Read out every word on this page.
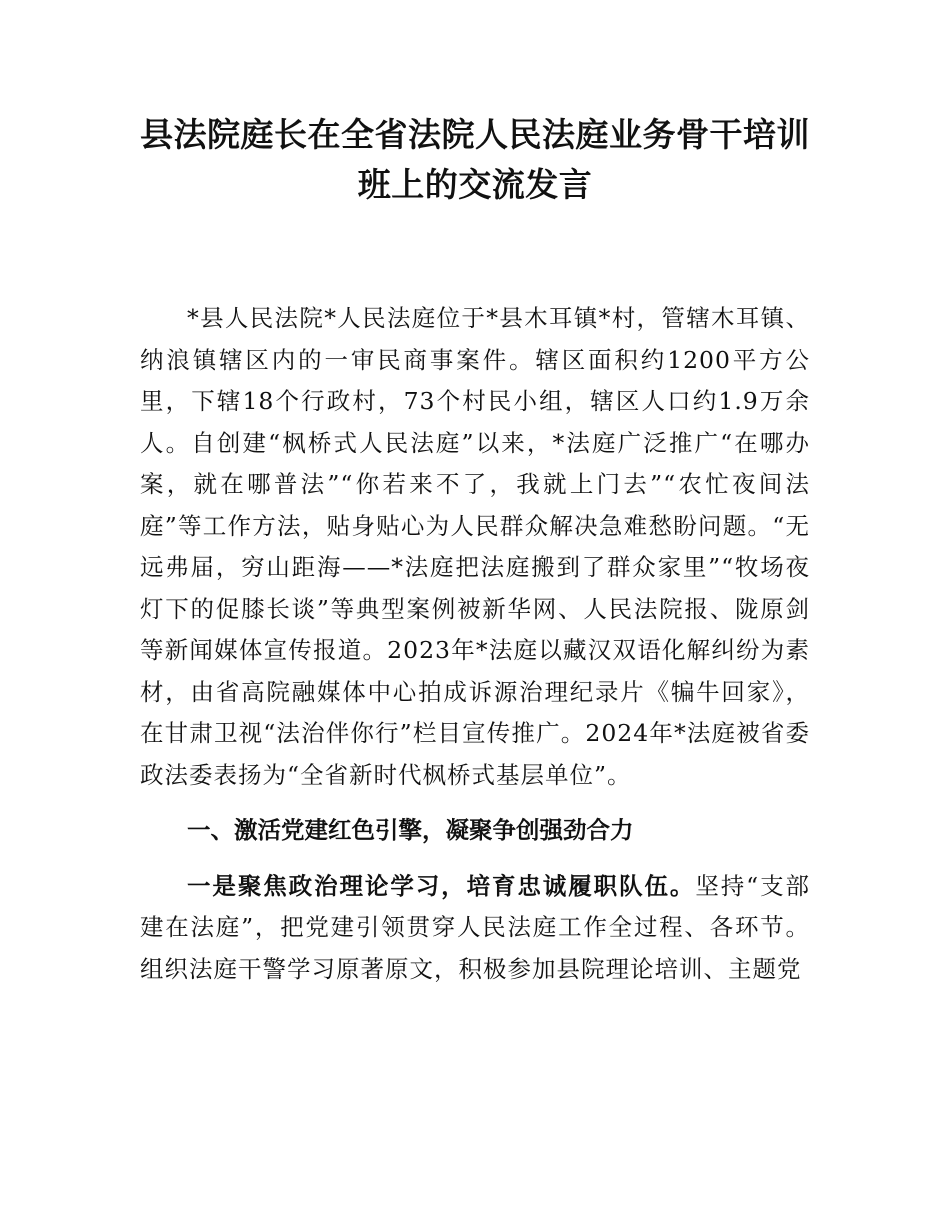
县法院庭长在全省法院人民法庭业务骨干培训班上的交流发言

*县人民法院*人民法庭位于*县木耳镇*村，管辖木耳镇、纳浪镇辖区内的一审民商事案件。辖区面积约1200平方公里，下辖18个行政村，73个村民小组，辖区人口约1.9万余人。自创建“枫桥式人民法庭”以来，*法庭广泛推广“在哪办案，就在哪普法”“你若来不了，我就上门去”“农忙夜间法庭”等工作方法，贴身贴心为人民群众解决急难愁盼问题。“无远弗届，穷山距海——*法庭把法庭搬到了群众家里”“牧场夜灯下的促膝长谈”等典型案例被新华网、人民法院报、陇原剑等新闻媒体宣传报道。2023年*法庭以藏汉双语化解纠纷为素材，由省高院融媒体中心拍成诉源治理纪录片《犏牛回家》，在甘肃卫视“法治伴你行”栏目宣传推广。2024年*法庭被省委政法委表扬为“全省新时代枫桥式基层单位”。

一、激活党建红色引擎，凝聚争创强劲合力

一是聚焦政治理论学习，培育忠诚履职队伍。坚持“支部建在法庭”，把党建引领贯穿人民法庭工作全过程、各环节。组织法庭干警学习原著原文，积极参加县院理论培训、主题党
